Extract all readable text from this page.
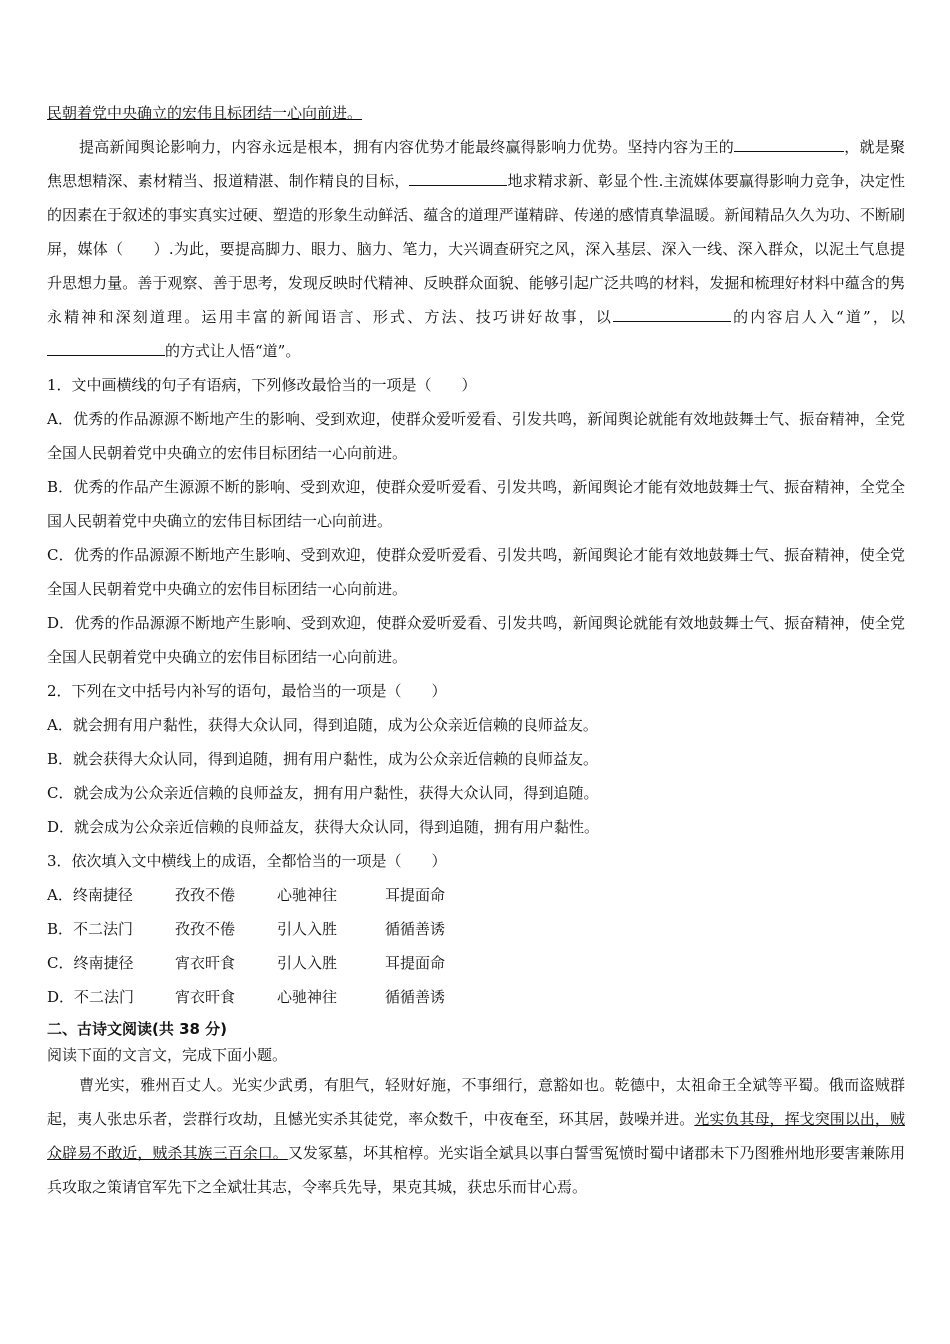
民朝着党中央确立的宏伟且标团结一心向前进。
提高新闻舆论影响力，内容永远是根本，拥有内容优势才能最终赢得影响力优势。坚持内容为王的	，就是聚焦思想精深、素材精当、报道精湛、制作精良的目标，	地求精求新、彰显个性.主流媒体要赢得影响力竞争，决定性的因素在于叙述的事实真实过硬、塑造的形象生动鲜活、蕴含的道理严谨精辟、传递的感情真挚温暖。新闻精品久久为功、不断刷屏，媒体（　　）.为此，要提高脚力、眼力、脑力、笔力，大兴调查研究之风，深入基层、深入一线、深入群众，以泥土气息提升思想力量。善于观察、善于思考，发现反映时代精神、反映群众面貌、能够引起广泛共鸣的材料，发掘和梳理好材料中蕴含的隽永精神和深刻道理。运用丰富的新闻语言、形式、方法、技巧讲好故事，以	的内容启人入“道”，以的方式让人悟“道”。
1．文中画横线的句子有语病，下列修改最恰当的一项是（　　）
A．优秀的作品源源不断地产生的影响、受到欢迎，使群众爱听爱看、引发共鸣，新闻舆论就能有效地鼓舞士气、振奋精神，全党全国人民朝着党中央确立的宏伟目标团结一心向前进。
B．优秀的作品产生源源不断的影响、受到欢迎，使群众爱听爱看、引发共鸣，新闻舆论才能有效地鼓舞士气、振奋精神，全党全国人民朝着党中央确立的宏伟目标团结一心向前进。
C．优秀的作品源源不断地产生影响、受到欢迎，使群众爱听爱看、引发共鸣，新闻舆论才能有效地鼓舞士气、振奋精神，使全党全国人民朝着党中央确立的宏伟目标团结一心向前进。
D．优秀的作品源源不断地产生影响、受到欢迎，使群众爱听爱看、引发共鸣，新闻舆论就能有效地鼓舞士气、振奋精神，使全党全国人民朝着党中央确立的宏伟目标团结一心向前进。
2．下列在文中括号内补写的语句，最恰当的一项是（　　）
A．就会拥有用户黏性，获得大众认同，得到追随，成为公众亲近信赖的良师益友。
B．就会获得大众认同，得到追随，拥有用户黏性，成为公众亲近信赖的良师益友。
C．就会成为公众亲近信赖的良师益友，拥有用户黏性，获得大众认同，得到追随。
D．就会成为公众亲近信赖的良师益友，获得大众认同，得到追随，拥有用户黏性。
3．依次填入文中横线上的成语，全都恰当的一项是（　　）
A．终南捷径	孜孜不倦	心驰神往	耳提面命
B．不二法门	孜孜不倦	引人入胜	循循善诱
C．终南捷径	宵衣旰食	引人入胜	耳提面命
D．不二法门	宵衣旰食	心驰神往	循循善诱
二、古诗文阅读(共 38 分)
阅读下面的文言文，完成下面小题。
曹光实，雅州百丈人。光实少武勇，有胆气，轻财好施，不事细行，意豁如也。乾德中，太祖命王全斌等平蜀。俄而盗贼群起，夷人张忠乐者，尝群行攻劫，且憾光实杀其徒党，率众数千，中夜奄至，环其居，鼓噪并进。光实负其母，挥戈突围以出，贼众辟易不敢近，贼杀其族三百余口。又发冢墓，坏其棺椁。光实诣全斌具以事白誓雪冤愤时蜀中诸郡未下乃图雅州地形要害兼陈用兵攻取之策请官军先下之全斌壮其志，令率兵先导，果克其城，获忠乐而甘心焉。
